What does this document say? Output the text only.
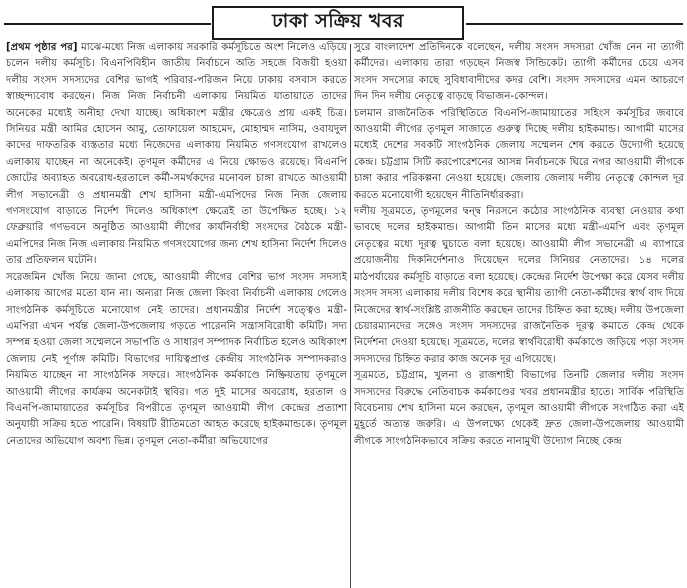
ঢাকা সক্রিয় খবর

[প্রথম পৃষ্ঠার পর] মাঝে-মধ্যে নিজ এলাকায় সরকারি কর্মসূচিতে অংশ নিলেও এড়িয়ে চলেন দলীয় কর্মসূচি। বিএনপিবিহীন জাতীয় নির্বাচনে অতি সহজে বিজয়ী হওয়া দলীয় সংসদ সদস্যদের বেশির ভাগই পরিবার-পরিজন নিয়ে ঢাকায় বসবাস করতে স্বাচ্ছন্দ্যবোধ করছেন। নিজ নিজ নির্বাচনী এলাকায় নিয়মিত যাতায়াতে তাদের অনেকের মধ্যেই অনীহা দেখা যাচ্ছে। অধিকাংশ মন্ত্রীর ক্ষেত্রেও প্রায় একই চিত্র। সিনিয়র মন্ত্রী আমির হোসেন আমু, তোফায়েল আহমেদ, মোহাম্মদ নাসিম, ওবায়দুল কাদের দাফতরিক ব্যস্ততার মধ্যে নিজেদের এলাকায় নিয়মিত গণসংযোগ রাখলেও এলাকায় যাচ্ছেন না অনেকেই। তৃণমূল কর্মীদের এ নিয়ে ক্ষোভও রয়েছে। বিএনপি জোটের অব্যাহত অবরোধ-হরতালে কর্মী-সমর্থকদের মনোবল চাঙ্গা রাখতে আওয়ামী লীগ সভানেত্রী ও প্রধানমন্ত্রী শেখ হাসিনা মন্ত্রী-এমপিদের নিজ নিজ জেলায় গণসংযোগ বাড়াতে নির্দেশ দিলেও অধিকাংশ ক্ষেত্রেই তা উপেক্ষিত হচ্ছে। ১২ ফেব্রুয়ারি গণভবনে অনুষ্ঠিত আওয়ামী লীগের কার্যনির্বাহী সংসদের বৈঠকে মন্ত্রী-এমপিদের নিজ নিজ এলাকায় নিয়মিত গণসংযোগের জন্য শেখ হাসিনা নির্দেশ দিলেও তার প্রতিফলন ঘটেনি।

সরেজমিন খোঁজ নিয়ে জানা গেছে, আওয়ামী লীগের বেশির ভাগ সংসদ সদস্যই এলাকায় আগের মতো যান না। অন্যরা নিজ জেলা কিংবা নির্বাচনী এলাকায় গেলেও সাংগঠনিক কর্মসূচিতে মনোযোগ নেই তাদের। প্রধানমন্ত্রীর নির্দেশ সত্ত্বেও মন্ত্রী-এমপিরা এখন পর্যন্ত জেলা-উপজেলায় গড়তে পারেননি সন্ত্রাসবিরোধী কমিটি। সদ্য সম্পন্ন হওয়া জেলা সম্মেলনে সভাপতি ও সাধারণ সম্পাদক নির্বাচিত হলেও অধিকাংশ জেলায় নেই পূর্ণাঙ্গ কমিটি। বিভাগের দায়িত্বপ্রাপ্ত কেন্দ্রীয় সাংগঠনিক সম্পাদকরাও নিয়মিত যাচ্ছেন না সাংগঠনিক সফরে। সাংগঠনিক কর্মকাণ্ডে নিষ্ক্রিয়তায় তৃণমূলে আওয়ামী লীগের কার্যক্রম অনেকটাই স্থবির। গত দুই মাসের অবরোধ, হরতাল ও বিএনপি-জামায়াতের কর্মসূচির বিপরীতে তৃণমূল আওয়ামী লীগ কেন্দ্রের প্রত্যাশা অনুযায়ী সক্রিয় হতে পারেনি। বিষয়টি রীতিমতো আহত করেছে হাইকমান্ডকে। তৃণমূল নেতাদের অভিযোগ অবশ্য ভিন্ন। তৃণমূল নেতা-কর্মীরা অভিযোগের

সুরে বাংলাদেশ প্রতিদিনকে বলেছেন, দলীয় সংসদ সদস্যরা খোঁজ নেন না ত্যাগী কর্মীদের। এলাকায় তারা গড়ছেন নিজস্ব সিন্ডিকেট। ত্যাগী কর্মীদের চেয়ে এসব সংসদ সদস্যের কাছে সুবিধাবাদীদের কদর বেশি। সংসদ সদস্যদের এমন আচরণে দিন দিন দলীয় নেতৃত্বে বাড়ছে বিভাজন-কোন্দল।

চলমান রাজনৈতিক পরিস্থিতিতে বিএনপি-জামায়াতের সহিংস কর্মসূচির জবাবে আওয়ামী লীগের তৃণমূল সাজাতে গুরুত্ব দিচ্ছে দলীয় হাইকমান্ড। আগামী মাসের মধ্যেই দেশের সবকটি সাংগঠনিক জেলায় সম্মেলন শেষ করতে উদ্যোগী হয়েছে কেন্দ্র। চট্টগ্রাম সিটি করপোরেশনের আসন্ন নির্বাচনকে ঘিরে নগর আওয়ামী লীগকে চাঙ্গা করার পরিকল্পনা নেওয়া হয়েছে। জেলায় জেলায় দলীয় নেতৃত্বে কোন্দল দূর করতে মনোযোগী হয়েছেন নীতিনির্ধারকরা।

দলীয় সূত্রমতে, তৃণমূলের দ্বন্দ্ব নিরসনে কঠোর সাংগঠনিক ব্যবস্থা নেওয়ার কথা ভাবছে দলের হাইকমান্ড। আগামী তিন মাসের মধ্যে মন্ত্রী-এমপি এবং তৃণমূল নেতৃত্বের মধ্যে দূরত্ব ঘুচাতে বলা হয়েছে। আওয়ামী লীগ সভানেত্রী এ ব্যাপারে প্রয়োজনীয় দিকনির্দেশনাও দিয়েছেন দলের সিনিয়র নেতাদের। ১৪ দলের মাঠপর্যায়ের কর্মসূচি বাড়াতে বলা হয়েছে। কেন্দ্রের নির্দেশ উপেক্ষা করে যেসব দলীয় সংসদ সদস্য এলাকায় দলীয় বিশেষ করে স্থানীয় ত্যাগী নেতা-কর্মীদের স্বার্থ বাদ দিয়ে নিজেদের স্বার্থ-সংশ্লিষ্ট রাজনীতি করছেন তাদের চিহ্নিত করা হচ্ছে। দলীয় উপজেলা চেয়ারম্যানদের সঙ্গেও সংসদ সদস্যদের রাজনৈতিক দূরত্ব কমাতে কেন্দ্র থেকে নির্দেশনা দেওয়া হয়েছে। সূত্রমতে, দলের স্বার্থবিরোধী কর্মকাণ্ডে জড়িয়ে পড়া সংসদ সদস্যদের চিহ্নিত করার কাজ অনেক দূর এগিয়েছে।

সূত্রমতে, চট্টগ্রাম, খুলনা ও রাজশাহী বিভাগের তিনটি জেলার দলীয় সংসদ সদস্যদের বিরুদ্ধে নেতিবাচক কর্মকাণ্ডের খবর প্রধানমন্ত্রীর হাতে। সার্বিক পরিস্থিতি বিবেচনায় শেখ হাসিনা মনে করছেন, তৃণমূল আওয়ামী লীগকে সংগঠিত করা এই মুহূর্তে অত্যন্ত জরুরি। এ উপলক্ষ্যে থেকেই দ্রুত জেলা-উপজেলায় আওয়ামী লীগকে সাংগঠনিকভাবে সক্রিয় করতে নানামুখী উদ্যোগ নিচ্ছে কেন্দ্র
